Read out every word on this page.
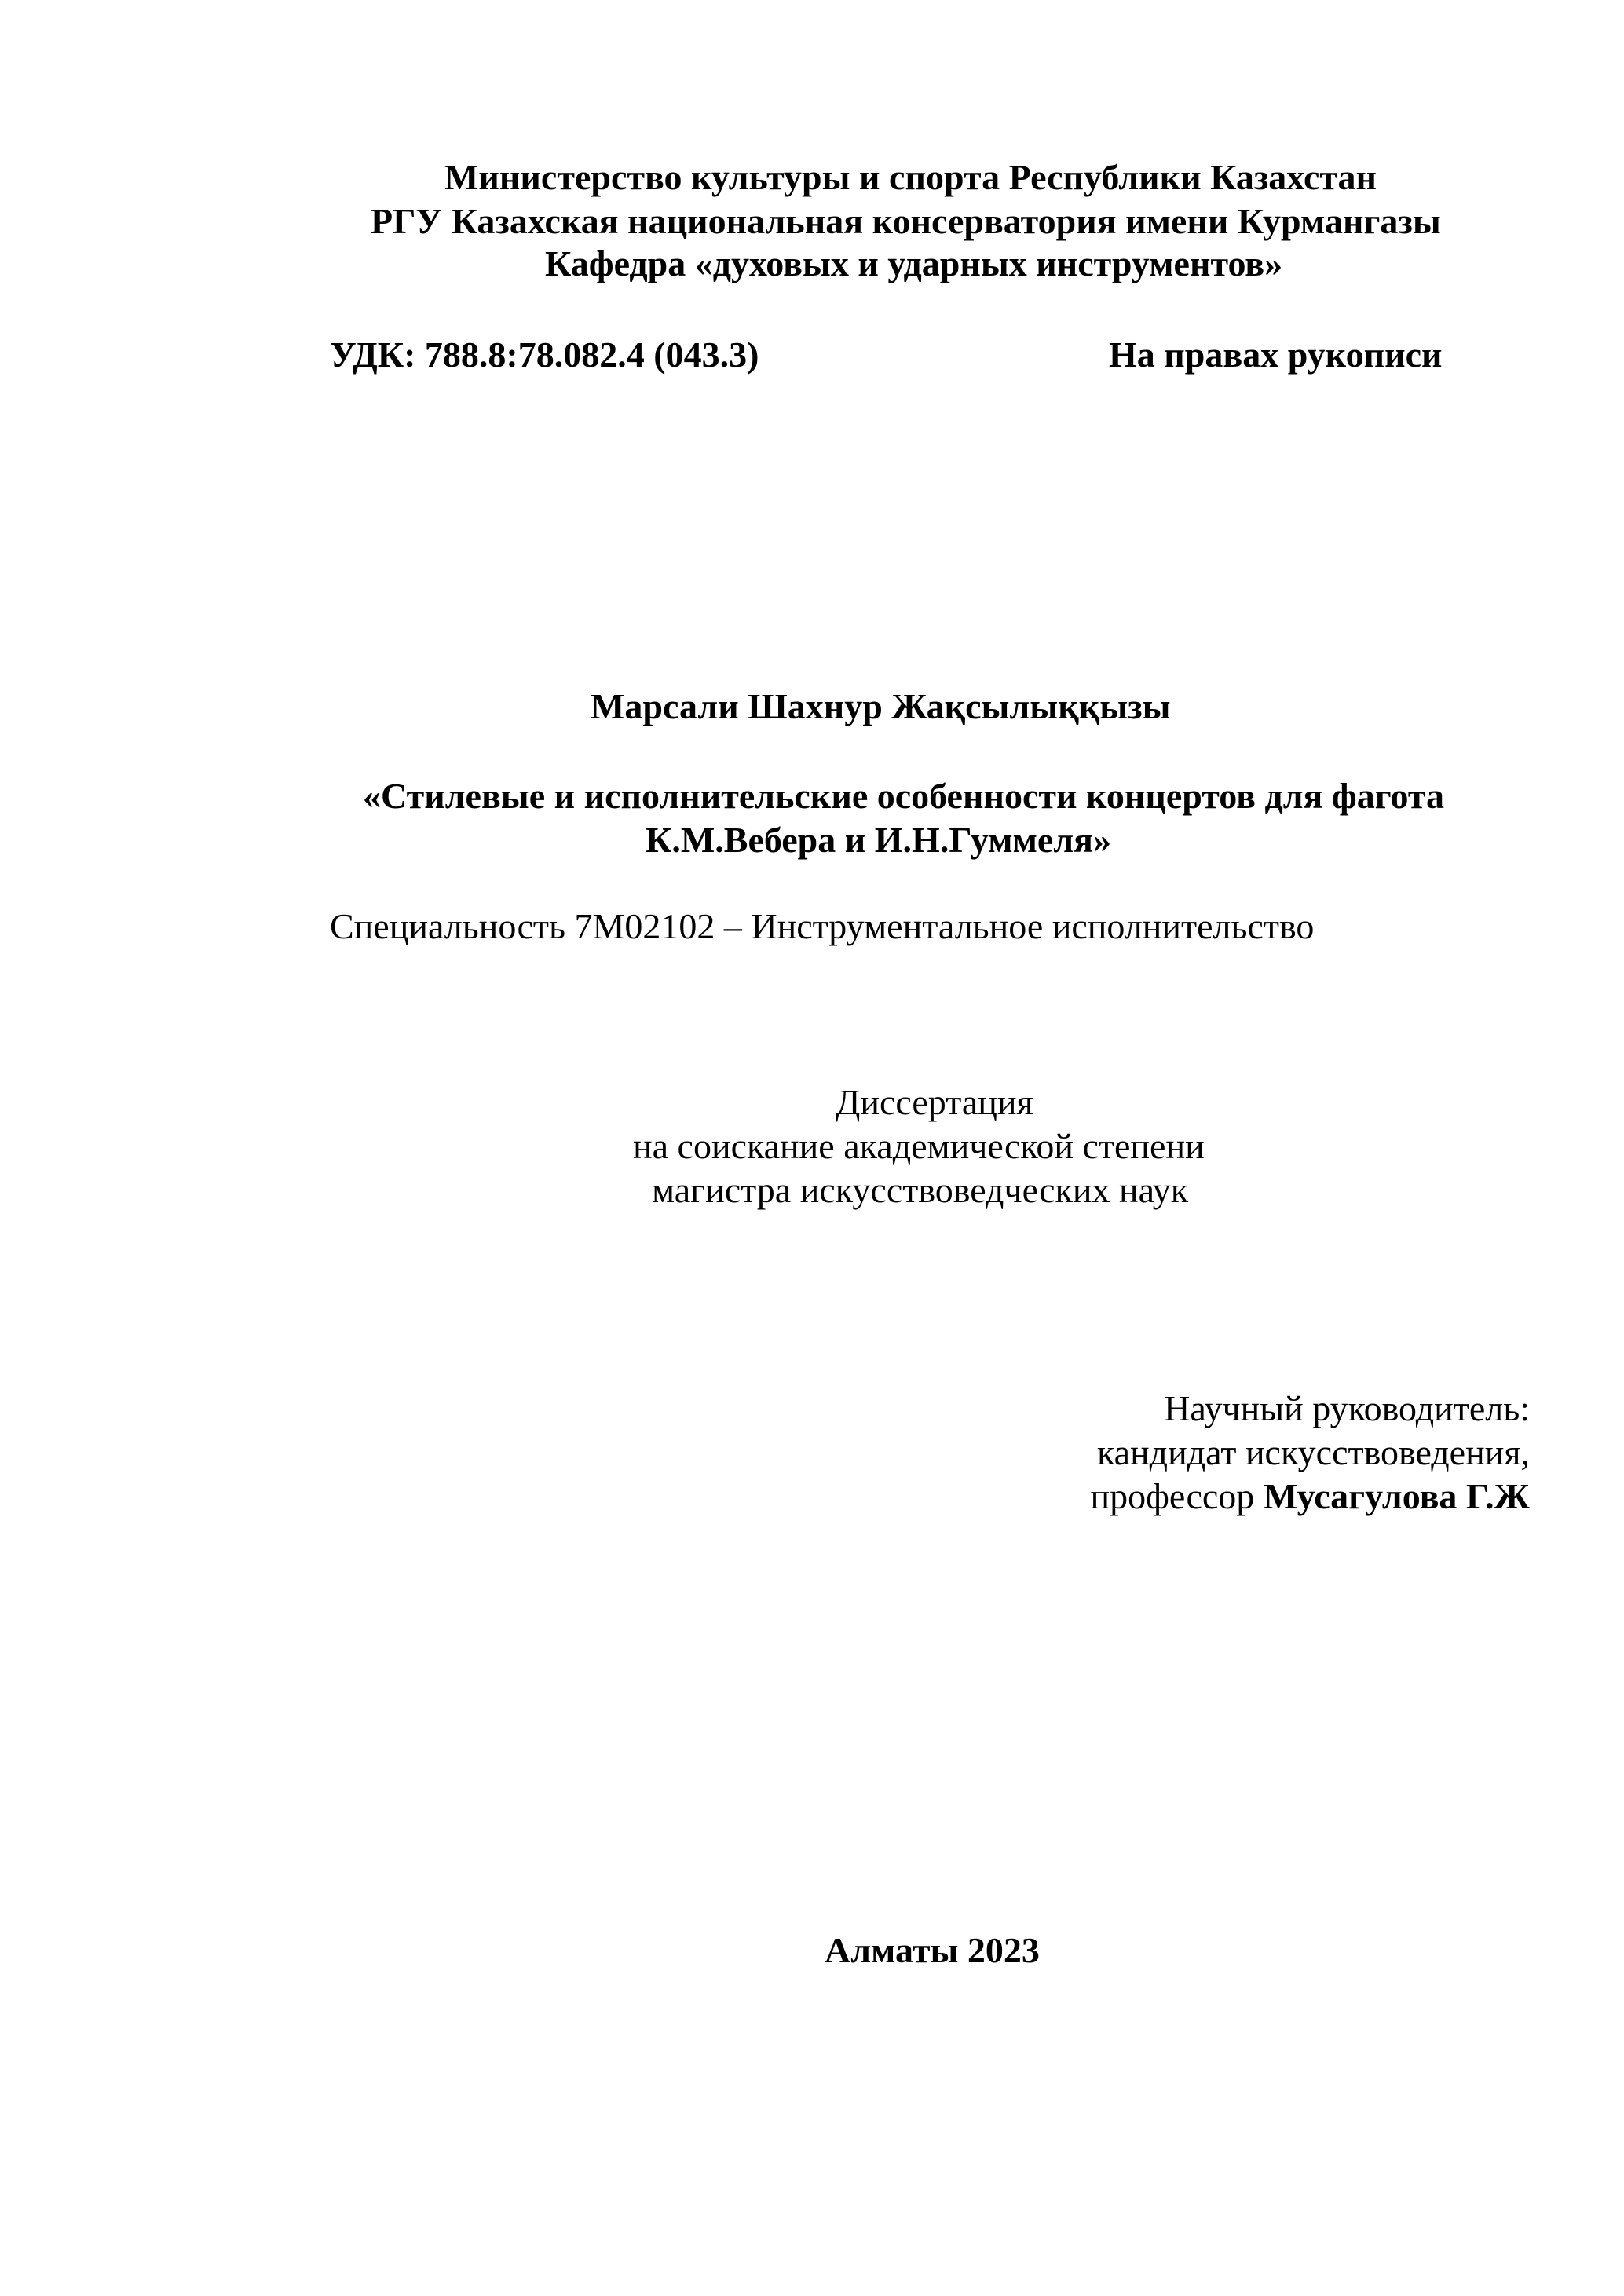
Министерство культуры и спорта Республики Казахстан
РГУ Казахская национальная консерватория имени Курмангазы
Кафедра «духовых и ударных инструментов»
УДК: 788.8:78.082.4 (043.3)	На правах рукописи
Марсали Шахнур Жақсылыққызы
«Стилевые и исполнительские особенности концертов для фагота
К.М.Вебера и И.Н.Гуммеля»
Специальность 7М02102 – Инструментальное исполнительство
Диссертация
на соискание академической степени
магистра искусствоведческих наук
Научный руководитель:
кандидат искусствоведения,
профессор Мусагулова Г.Ж
Алматы 2023
